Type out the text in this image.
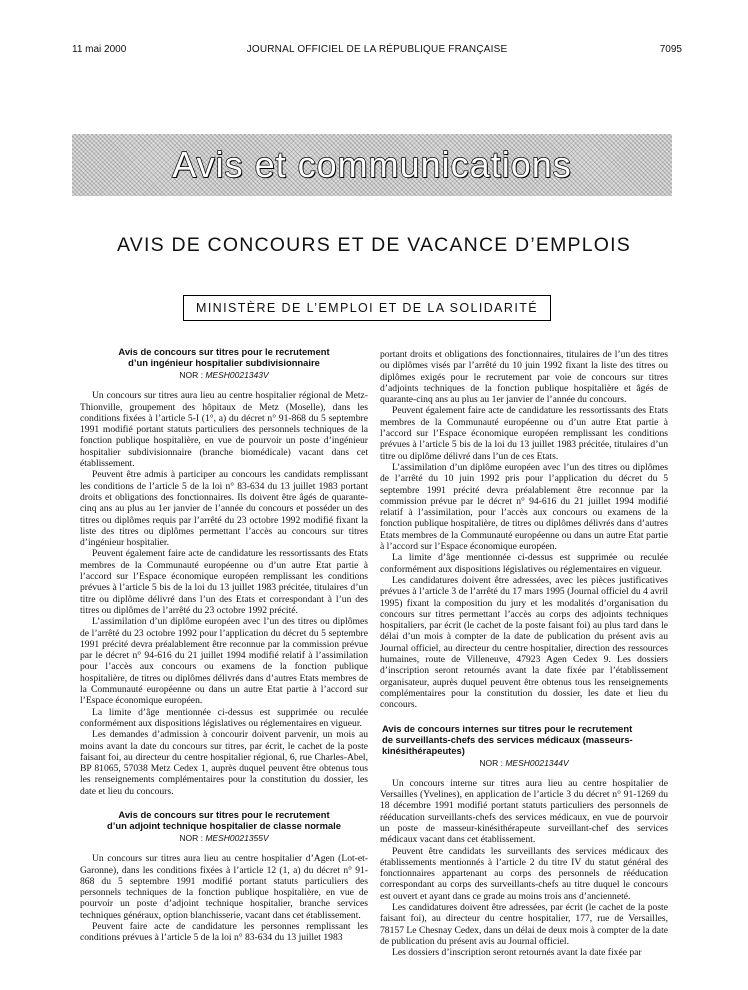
11 mai 2000	JOURNAL OFFICIEL DE LA RÉPUBLIQUE FRANÇAISE	7095
Avis et communications
AVIS DE CONCOURS ET DE VACANCE D’EMPLOIS
MINISTÈRE DE L’EMPLOI ET DE LA SOLIDARITÉ
Avis de concours sur titres pour le recrutement
d’un ingénieur hospitalier subdivisionnaire
NOR : MESH0021343V

Un concours sur titres aura lieu au centre hospitalier régional de Metz-Thionville, groupement des hôpitaux de Metz (Moselle), dans les conditions fixées à l’article 5-I (1°, a) du décret n° 91-868 du 5 septembre 1991 modifié portant statuts particuliers des personnels techniques de la fonction publique hospitalière, en vue de pourvoir un poste d’ingénieur hospitalier subdivisionnaire (branche biomédicale) vacant dans cet établissement.

Peuvent être admis à participer au concours les candidats remplissant les conditions de l’article 5 de la loi n° 83-634 du 13 juillet 1983 portant droits et obligations des fonctionnaires. Ils doivent être âgés de quarante-cinq ans au plus au 1er janvier de l’année du concours et posséder un des titres ou diplômes requis par l’arrêté du 23 octobre 1992 modifié fixant la liste des titres ou diplômes permettant l’accès au concours sur titres d’ingénieur hospitalier.

Peuvent également faire acte de candidature les ressortissants des Etats membres de la Communauté européenne ou d’un autre Etat partie à l’accord sur l’Espace économique européen remplissant les conditions prévues à l’article 5 bis de la loi du 13 juillet 1983 précitée, titulaires d’un titre ou diplôme délivré dans l’un des Etats et correspondant à l’un des titres ou diplômes de l’arrêté du 23 octobre 1992 précité.

L’assimilation d’un diplôme européen avec l’un des titres ou diplômes de l’arrêté du 23 octobre 1992 pour l’application du décret du 5 septembre 1991 précité devra préalablement être reconnue par la commission prévue par le décret n° 94-616 du 21 juillet 1994 modifié relatif à l’assimilation pour l’accès aux concours ou examens de la fonction publique hospitalière, de titres ou diplômes délivrés dans d’autres Etats membres de la Communauté européenne ou dans un autre Etat partie à l’accord sur l’Espace économique européen.

La limite d’âge mentionnée ci-dessus est supprimée ou reculée conformément aux dispositions législatives ou réglementaires en vigueur.

Les demandes d’admission à concourir doivent parvenir, un mois au moins avant la date du concours sur titres, par écrit, le cachet de la poste faisant foi, au directeur du centre hospitalier régional, 6, rue Charles-Abel, BP 81065, 57038 Metz Cedex 1, auprès duquel peuvent être obtenus tous les renseignements complémentaires pour la constitution du dossier, les date et lieu du concours.

Avis de concours sur titres pour le recrutement
d’un adjoint technique hospitalier de classe normale
NOR : MESH0021355V

Un concours sur titres aura lieu au centre hospitalier d’Agen (Lot-et-Garonne), dans les conditions fixées à l’article 12 (1, a) du décret n° 91-868 du 5 septembre 1991 modifié portant statuts particuliers des personnels techniques de la fonction publique hospitalière, en vue de pourvoir un poste d’adjoint technique hospitalier, branche services techniques généraux, option blanchisserie, vacant dans cet établissement.

Peuvent faire acte de candidature les personnes remplissant les conditions prévues à l’article 5 de la loi n° 83-634 du 13 juillet 1983

portant droits et obligations des fonctionnaires, titulaires de l’un des titres ou diplômes visés par l’arrêté du 10 juin 1992 fixant la liste des titres ou diplômes exigés pour le recrutement par voie de concours sur titres d’adjoints techniques de la fonction publique hospitalière et âgés de quarante-cinq ans au plus au 1er janvier de l’année du concours.

Peuvent également faire acte de candidature les ressortissants des Etats membres de la Communauté européenne ou d’un autre Etat partie à l’accord sur l’Espace économique européen remplissant les conditions prévues à l’article 5 bis de la loi du 13 juillet 1983 précitée, titulaires d’un titre ou diplôme délivré dans l’un de ces Etats.

L’assimilation d’un diplôme européen avec l’un des titres ou diplômes de l’arrêté du 10 juin 1992 pris pour l’application du décret du 5 septembre 1991 précité devra préalablement être reconnue par la commission prévue par le décret n° 94-616 du 21 juillet 1994 modifié relatif à l’assimilation, pour l’accès aux concours ou examens de la fonction publique hospitalière, de titres ou diplômes délivrés dans d’autres Etats membres de la Communauté européenne ou dans un autre Etat partie à l’accord sur l’Espace économique européen.

La limite d’âge mentionnée ci-dessus est supprimée ou reculée conformément aux dispositions législatives ou réglementaires en vigueur.

Les candidatures doivent être adressées, avec les pièces justificatives prévues à l’article 3 de l’arrêté du 17 mars 1995 (Journal officiel du 4 avril 1995) fixant la composition du jury et les modalités d’organisation du concours sur titres permettant l’accès au corps des adjoints techniques hospitaliers, par écrit (le cachet de la poste faisant foi) au plus tard dans le délai d’un mois à compter de la date de publication du présent avis au Journal officiel, au directeur du centre hospitalier, direction des ressources humaines, route de Villeneuve, 47923 Agen Cedex 9. Les dossiers d’inscription seront retournés avant la date fixée par l’établissement organisateur, auprès duquel peuvent être obtenus tous les renseignements complémentaires pour la constitution du dossier, les date et lieu du concours.

Avis de concours internes sur titres pour le recrutement
de surveillants-chefs des services médicaux (masseurs-
kinésithérapeutes)
NOR : MESH0021344V

Un concours interne sur titres aura lieu au centre hospitalier de Versailles (Yvelines), en application de l’article 3 du décret n° 91-1269 du 18 décembre 1991 modifié portant statuts particuliers des personnels de rééducation surveillants-chefs des services médicaux, en vue de pourvoir un poste de masseur-kinésithérapeute surveillant-chef des services médicaux vacant dans cet établissement.

Peuvent être candidats les surveillants des services médicaux des établissements mentionnés à l’article 2 du titre IV du statut général des fonctionnaires appartenant au corps des personnels de rééducation correspondant au corps des surveillants-chefs au titre duquel le concours est ouvert et ayant dans ce grade au moins trois ans d’ancienneté.

Les candidatures doivent être adressées, par écrit (le cachet de la poste faisant foi), au directeur du centre hospitalier, 177, rue de Versailles, 78157 Le Chesnay Cedex, dans un délai de deux mois à compter de la date de publication du présent avis au Journal officiel.

Les dossiers d’inscription seront retournés avant la date fixée par
